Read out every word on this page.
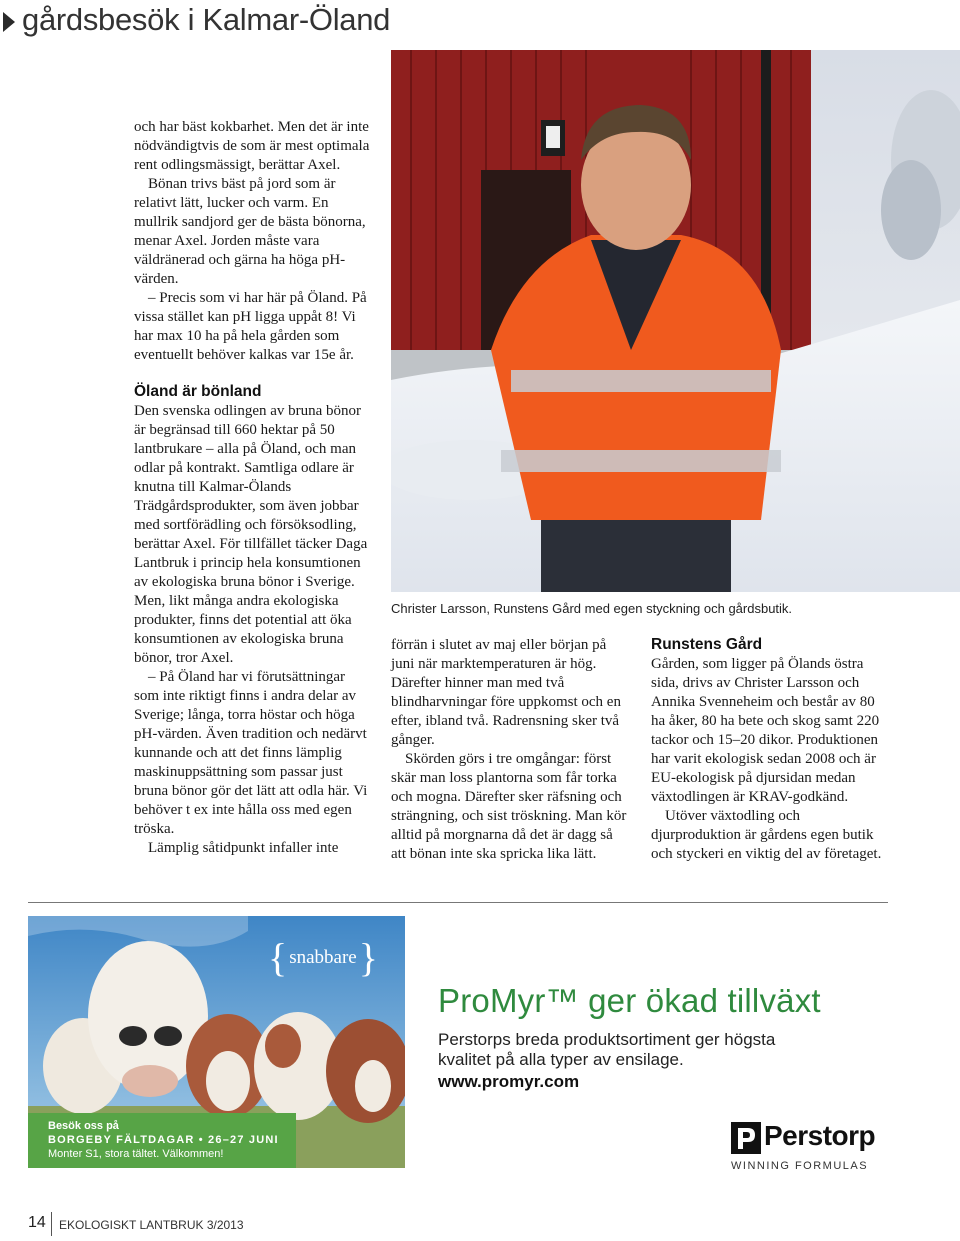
gårdsbesök i Kalmar-Öland

och har bäst kokbarhet. Men det är inte nödvändigtvis de som är mest optimala rent odlingsmässigt, berättar Axel.

Bönan trivs bäst på jord som är relativt lätt, lucker och varm. En mullrik sandjord ger de bästa bönorna, menar Axel. Jorden måste vara väldränerad och gärna ha höga pH-värden.

– Precis som vi har här på Öland. På vissa stället kan pH ligga uppåt 8! Vi har max 10 ha på hela gården som eventuellt behöver kalkas var 15e år.

Öland är bönland

Den svenska odlingen av bruna bönor är begränsad till 660 hektar på 50 lantbrukare – alla på Öland, och man odlar på kontrakt. Samtliga odlare är knutna till Kalmar-Ölands Trädgårdsprodukter, som även jobbar med sortförädling och försöksodling, berättar Axel. För tillfället täcker Daga Lantbruk i princip hela konsumtionen av ekologiska bruna bönor i Sverige. Men, likt många andra ekologiska produkter, finns det potential att öka konsumtionen av ekologiska bruna bönor, tror Axel.

– På Öland har vi förutsättningar som inte riktigt finns i andra delar av Sverige; långa, torra höstar och höga pH-värden. Även tradition och nedärvt kunnande och att det finns lämplig maskinuppsättning som passar just bruna bönor gör det lätt att odla här. Vi behöver t ex inte hålla oss med egen tröska.

Lämplig såtidpunkt infaller inte

Christer Larsson, Runstens Gård med egen styckning och gårdsbutik.

förrän i slutet av maj eller början på juni när marktemperaturen är hög. Därefter hinner man med två blindharvningar före uppkomst och en efter, ibland två. Radrensning sker två gånger.

Skörden görs i tre omgångar: först skär man loss plantorna som får torka och mogna. Därefter sker räfsning och strängning, och sist tröskning. Man kör alltid på morgnarna då det är dagg så att bönan inte ska spricka lika lätt.

Runstens Gård

Gården, som ligger på Ölands östra sida, drivs av Christer Larsson och Annika Svenneheim och består av 80 ha åker, 80 ha bete och skog samt 220 tackor och 15–20 dikor. Produktionen har varit ekologisk sedan 2008 och är EU-ekologisk på djursidan medan växtodlingen är KRAV-godkänd.

Utöver växtodling och djurproduktion är gårdens egen butik och styckeri en viktig del av företaget.

{ snabbare}
Besök oss på
BORGEBY FÄLTDAGAR • 26–27 JUNI
Monter S1, stora tältet. Välkommen!
ProMyr™ ger ökad tillväxt
Perstorps breda produktsortiment ger högsta kvalitet på alla typer av ensilage.
www.promyr.com
Perstorp
WINNING FORMULAS
14 EKOLOGISKT LANTBRUK 3/2013
